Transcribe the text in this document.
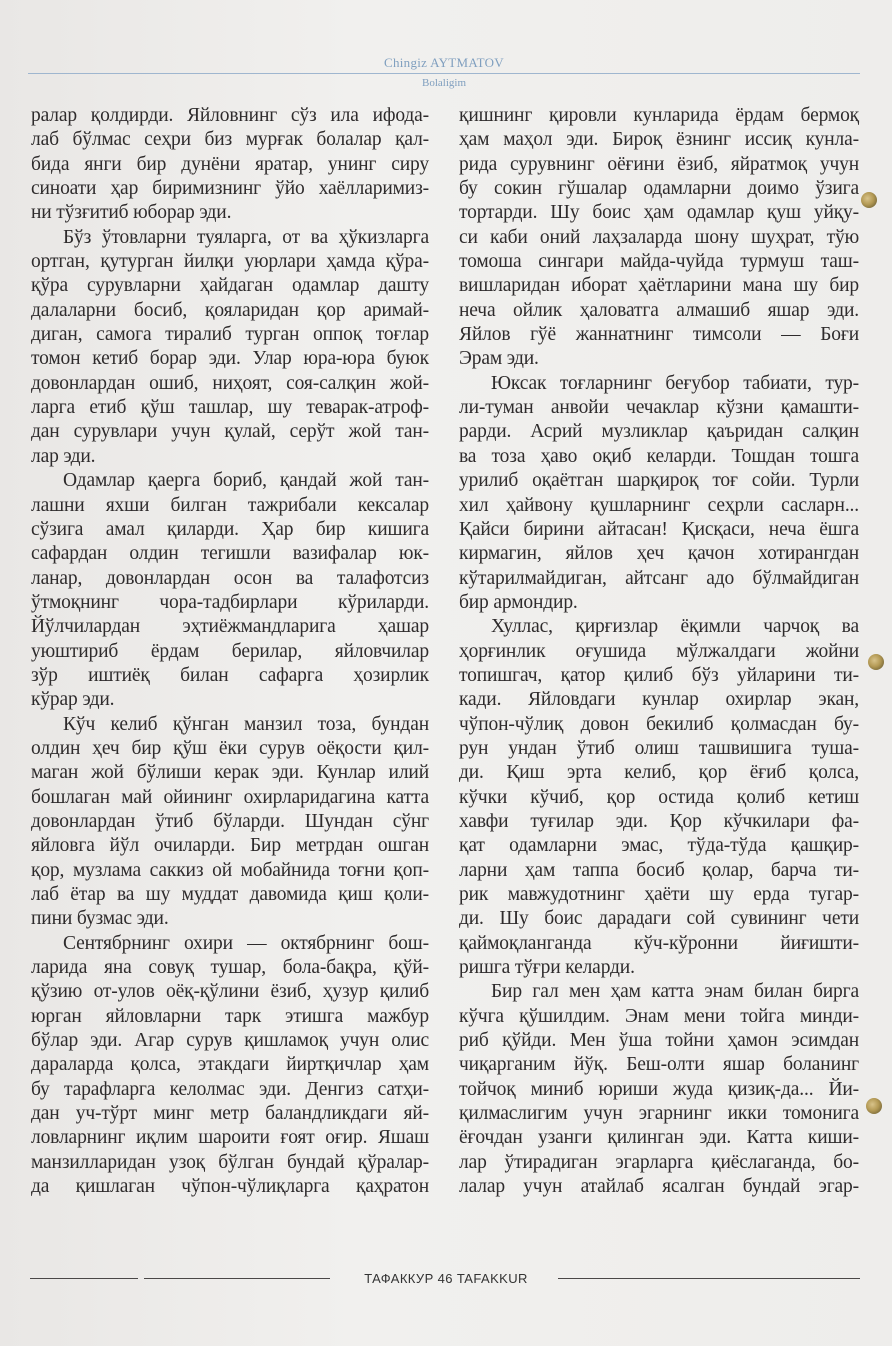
Chingiz AYTMATOV
Bolaligim
ралар қолдирди. Яйловнинг сўз ила ифода-
лаб бўлмас сеҳри биз мурғак болалар қал-
бида янги бир дунёни яратар, унинг сиру
синоати ҳар биримизнинг ўйо хаёлларимиз-
ни тўзғитиб юборар эди.
Бўз ўтовларни туяларга, от ва ҳўкизларга
ортган, қутурган йилқи уюрлари ҳамда қўра-
қўра сурувларни ҳайдаган одамлар дашту
далаларни босиб, қояларидан қор аримай-
диган, самога тиралиб турган оппоқ тоғлар
томон кетиб борар эди. Улар юра-юра буюк
довонлардан ошиб, ниҳоят, соя-салқин жой-
ларга етиб қўш ташлар, шу теварак-атроф-
дан сурувлари учун қулай, серўт жой тан-
лар эди.
Одамлар қаерга бориб, қандай жой тан-
лашни яхши билган тажрибали кексалар
сўзига амал қиларди. Ҳар бир кишига
сафардан олдин тегишли вазифалар юк-
ланар, довонлардан осон ва талафотсиз
ўтмоқнинг чора-тадбирлари кўриларди.
Йўлчилардан эҳтиёжмандларига ҳашар
уюштириб ёрдам берилар, яйловчилар
зўр иштиёқ билан сафарга ҳозирлик
кўрар эди.
Кўч келиб қўнган манзил тоза, бундан
олдин ҳеч бир қўш ёки сурув оёқости қил-
маган жой бўлиши керак эди. Кунлар илий
бошлаган май ойининг охирларидагина катта
довонлардан ўтиб бўларди. Шундан сўнг
яйловга йўл очиларди. Бир метрдан ошган
қор, музлама саккиз ой мобайнида тоғни қоп-
лаб ётар ва шу муддат давомида қиш қоли-
пини бузмас эди.
Сентябрнинг охири — октябрнинг бош-
ларида яна совуқ тушар, бола-бақра, қўй-
қўзию от-улов оёқ-қўлини ёзиб, ҳузур қилиб
юрган яйловларни тарк этишга мажбур
бўлар эди. Агар сурув қишламоқ учун олис
дараларда қолса, этакдаги йиртқичлар ҳам
бу тарафларга келолмас эди. Денгиз сатҳи-
дан уч-тўрт минг метр баландликдаги яй-
ловларнинг иқлим шароити ғоят оғир. Яшаш
манзилларидан узоқ бўлган бундай қўралар-
да қишлаган чўпон-чўлиқларга қаҳратон
қишнинг қировли кунларида ёрдам бермоқ
ҳам маҳол эди. Бироқ ёзнинг иссиқ кунла-
рида сурувнинг оёғини ёзиб, яйратмоқ учун
бу сокин гўшалар одамларни доимо ўзига
тортарди. Шу боис ҳам одамлар қуш уйқу-
си каби оний лаҳзаларда шону шуҳрат, тўю
томоша сингари майда-чуйда турмуш таш-
вишларидан иборат ҳаётларини мана шу бир
неча ойлик ҳаловатга алмашиб яшар эди.
Яйлов гўё жаннатнинг тимсоли — Боғи
Эрам эди.
Юксак тоғларнинг беғубор табиати, тур-
ли-туман анвойи чечаклар кўзни қамашти-
рарди. Асрий музликлар қаъридан салқин
ва тоза ҳаво оқиб келарди. Тошдан тошга
урилиб оқаётган шарқироқ тоғ сойи. Турли
хил ҳайвону қушларнинг сеҳрли сасларн...
Қайси бирини айтасан! Қисқаси, неча ёшга
кирмагин, яйлов ҳеч қачон хотирангдан
кўтарилмайдиган, айтсанг адо бўлмайдиган
бир армондир.
Хуллас, қирғизлар ёқимли чарчоқ ва
ҳорғинлик оғушида мўлжалдаги жойни
топишгач, қатор қилиб бўз уйларини ти-
кади. Яйловдаги кунлар охирлар экан,
чўпон-чўлиқ довон бекилиб қолмасдан бу-
рун ундан ўтиб олиш ташвишига туша-
ди. Қиш эрта келиб, қор ёғиб қолса,
кўчки кўчиб, қор остида қолиб кетиш
хавфи туғилар эди. Қор кўчкилари фа-
қат одамларни эмас, тўда-тўда қашқир-
ларни ҳам таппа босиб қолар, барча ти-
рик мавжудотнинг ҳаёти шу ерда тугар-
ди. Шу боис дарадаги сой сувининг чети
қаймоқланганда кўч-кўронни йиғишти-
ришга тўғри келарди.
Бир гал мен ҳам катта энам билан бирга
кўчга қўшилдим. Энам мени тойга минди-
риб қўйди. Мен ўша тойни ҳамон эсимдан
чиқарганим йўқ. Беш-олти яшар боланинг
тойчоқ миниб юриши жуда қизиқ-да... Йи-
қилмаслигим учун эгарнинг икки томонига
ёғочдан узанги қилинган эди. Катта киши-
лар ўтирадиган эгарларга қиёслаганда, бо-
лалар учун атайлаб ясалган бундай эгар-
ТАФАККУР 46 TAFAKKUR
